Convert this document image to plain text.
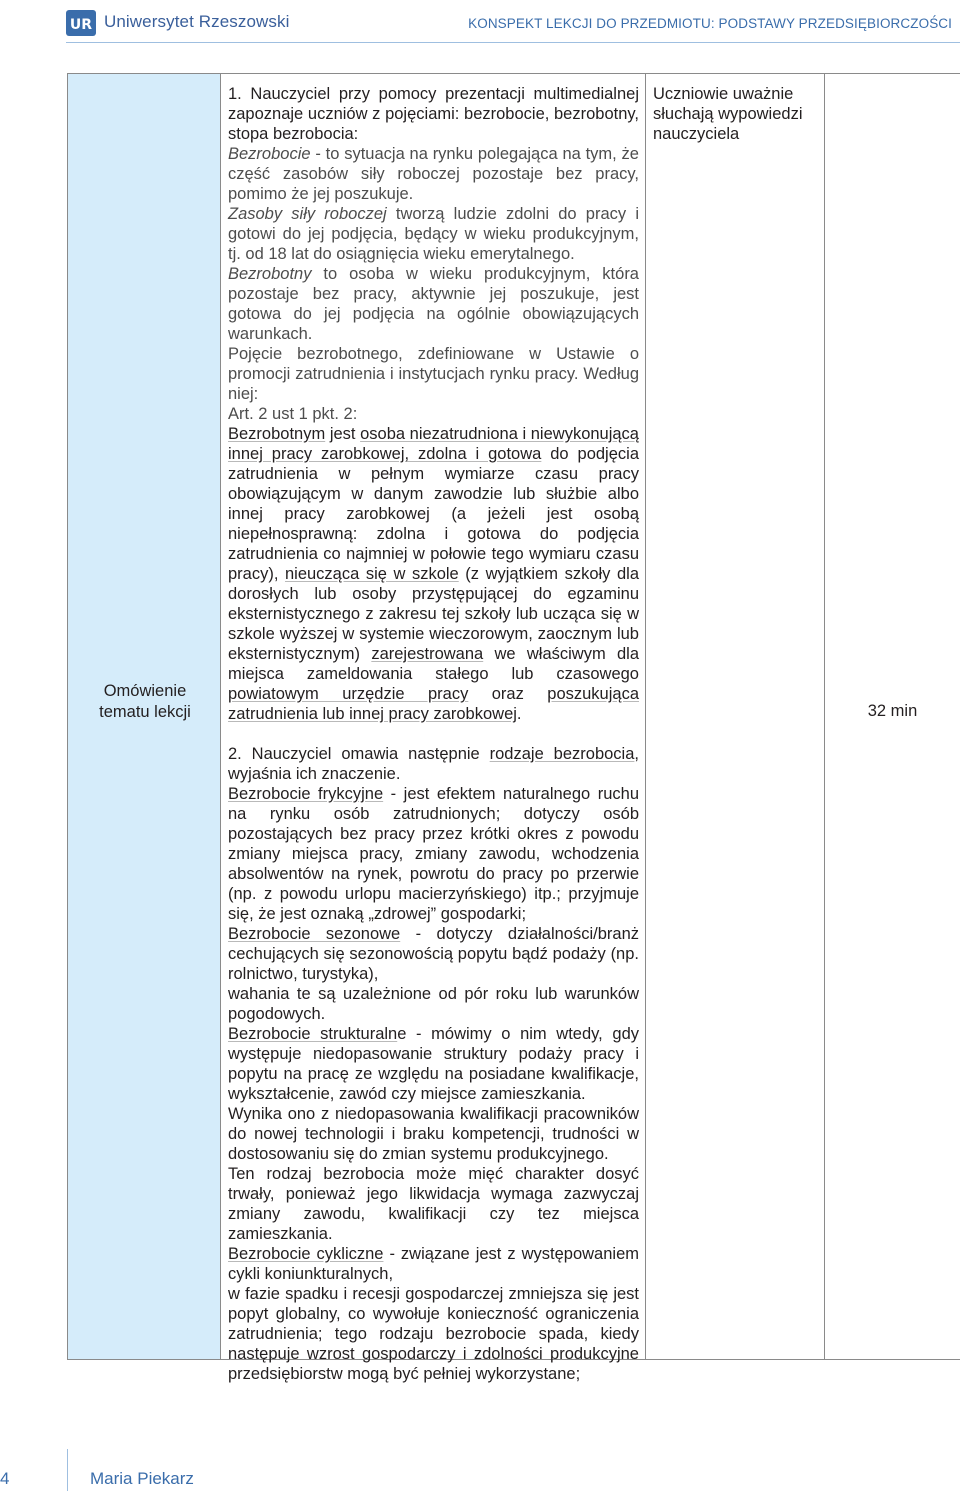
UR Uniwersytet Rzeszowski	KONSPEKT LEKCJI DO PRZEDMIOTU: PODSTAWY PRZEDSIĘBIORCZOŚCI
Omówienie
tematu lekcji

1. Nauczyciel przy pomocy prezentacji multimedialnej zapoznaje uczniów z pojęciami: bezrobocie, bezrobotny, stopa bezrobocia:

Bezrobocie - to sytuacja na rynku polegająca na tym, że część zasobów siły roboczej pozostaje bez pracy, pomimo że jej poszukuje.

Zasoby siły roboczej tworzą ludzie zdolni do pracy i gotowi do jej podjęcia, będący w wieku produkcyjnym, tj. od 18 lat do osiągnięcia wieku emerytalnego.

Bezrobotny to osoba w wieku produkcyjnym, która pozostaje bez pracy, aktywnie jej poszukuje, jest gotowa do jej podjęcia na ogólnie obowiązujących warunkach.

Pojęcie bezrobotnego, zdefiniowane w Ustawie o promocji zatrudnienia i instytucjach rynku pracy. Według niej:

Art. 2 ust 1 pkt. 2:

Bezrobotnym jest osoba niezatrudniona i niewykonującą innej pracy zarobkowej, zdolna i gotowa do podjęcia zatrudnienia w pełnym wymiarze czasu pracy obowiązującym w danym zawodzie lub służbie albo innej pracy zarobkowej (a jeżeli jest osobą niepełnosprawną: zdolna i gotowa do podjęcia zatrudnienia co najmniej w połowie tego wymiaru czasu pracy), nieucząca się w szkole (z wyjątkiem szkoły dla dorosłych lub osoby przystępującej do egzaminu eksternistycznego z zakresu tej szkoły lub ucząca się w szkole wyższej w systemie wieczorowym, zaocznym lub eksternistycznym) zarejestrowana we właściwym dla miejsca zameldowania stałego lub czasowego powiatowym urzędzie pracy oraz poszukująca zatrudnienia lub innej pracy zarobkowej.

2. Nauczyciel omawia następnie rodzaje bezrobocia, wyjaśnia ich znaczenie.

Bezrobocie frykcyjne - jest efektem naturalnego ruchu na rynku osób zatrudnionych; dotyczy osób pozostających bez pracy przez krótki okres z powodu zmiany miejsca pracy, zmiany zawodu, wchodzenia absolwentów na rynek, powrotu do pracy po przerwie (np. z powodu urlopu macierzyńskiego) itp.; przyjmuje się, że jest oznaką „zdrowej” gospodarki;

Bezrobocie sezonowe - dotyczy działalności/branż cechujących się sezonowością popytu bądź podaży (np. rolnictwo, turystyka),

wahania te są uzależnione od pór roku lub warunków pogodowych.

Bezrobocie strukturalne - mówimy o nim wtedy, gdy występuje niedopasowanie struktury podaży pracy i popytu na pracę ze względu na posiadane kwalifikacje, wykształcenie, zawód czy miejsce zamieszkania.

Wynika ono z niedopasowania kwalifikacji pracowników do nowej technologii i braku kompetencji, trudności w dostosowaniu się do zmian systemu produkcyjnego.

Ten rodzaj bezrobocia może mięć charakter dosyć trwały, ponieważ jego likwidacja wymaga zazwyczaj zmiany zawodu, kwalifikacji czy tez miejsca zamieszkania.

Bezrobocie cykliczne - związane jest z występowaniem cykli koniunkturalnych,

w fazie spadku i recesji gospodarczej zmniejsza się jest popyt globalny, co wywołuje konieczność ograniczenia zatrudnienia; tego rodzaju bezrobocie spada, kiedy następuje wzrost gospodarczy i zdolności produkcyjne przedsiębiorstw mogą być pełniej wykorzystane;

Uczniowie uważnie słuchają wypowiedzi nauczyciela
32 min
4	Maria Piekarz
